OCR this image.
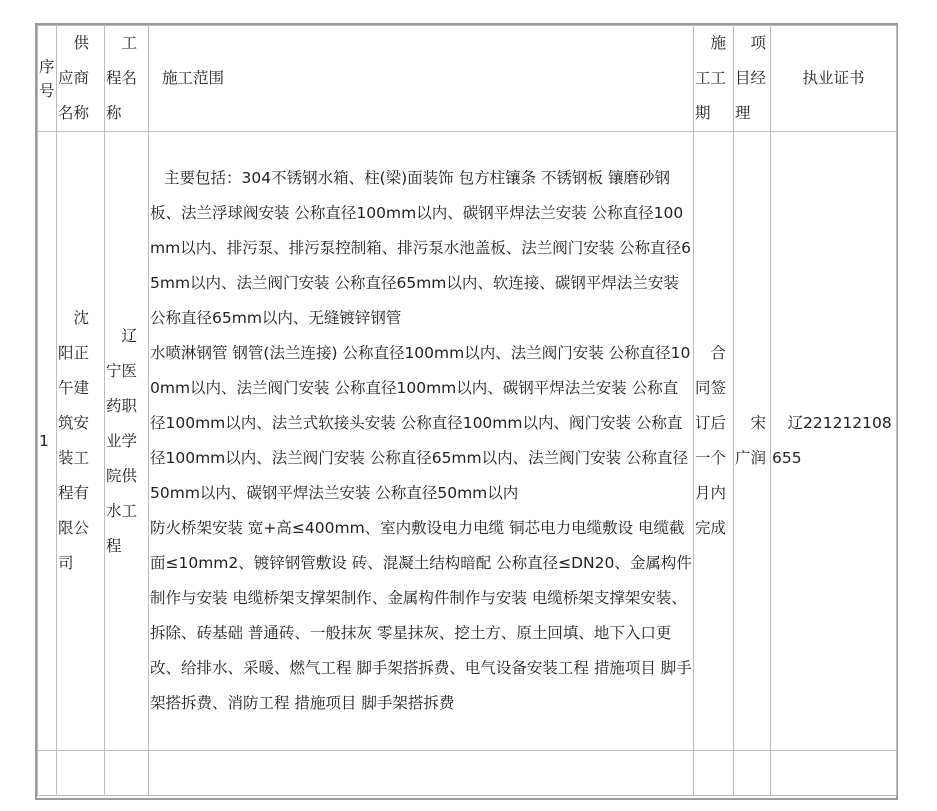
序号	　供应商名称	　工程名称	施工范围	　施工工期	　项目经理	执业证书
1	　沈阳正午建筑安装工程有限公司	　辽宁医药职业学院供水工程	主要包括：304不锈钢水箱、柱(梁)面装饰 包方柱镶条 不锈钢板 镶磨砂钢板、法兰浮球阀安装 公称直径100mm以内、碳钢平焊法兰安装 公称直径100mm以内、排污泵、排污泵控制箱、排污泵水池盖板、法兰阀门安装 公称直径65mm以内、法兰阀门安装 公称直径65mm以内、软连接、碳钢平焊法兰安装 公称直径65mm以内、无缝镀锌钢管
水喷淋钢管 钢管(法兰连接) 公称直径100mm以内、法兰阀门安装 公称直径100mm以内、法兰阀门安装 公称直径100mm以内、碳钢平焊法兰安装 公称直径100mm以内、法兰式软接头安装 公称直径100mm以内、阀门安装 公称直径100mm以内、法兰阀门安装 公称直径65mm以内、法兰阀门安装 公称直径50mm以内、碳钢平焊法兰安装 公称直径50mm以内
防火桥架安装 宽+高≤400mm、室内敷设电力电缆 铜芯电力电缆敷设 电缆截面≤10mm2、镀锌钢管敷设 砖、混凝土结构暗配 公称直径≤DN20、金属构件制作与安装 电缆桥架支撑架制作、金属构件制作与安装 电缆桥架支撑架安装、拆除、砖基础 普通砖、一般抹灰 零星抹灰、挖土方、原土回填、地下入口更改、给排水、采暖、燃气工程 脚手架搭拆费、电气设备安装工程 措施项目 脚手架搭拆费、消防工程 措施项目 脚手架搭拆费	　合同签订后一个月内完成	　宋广润	　辽221212108655
